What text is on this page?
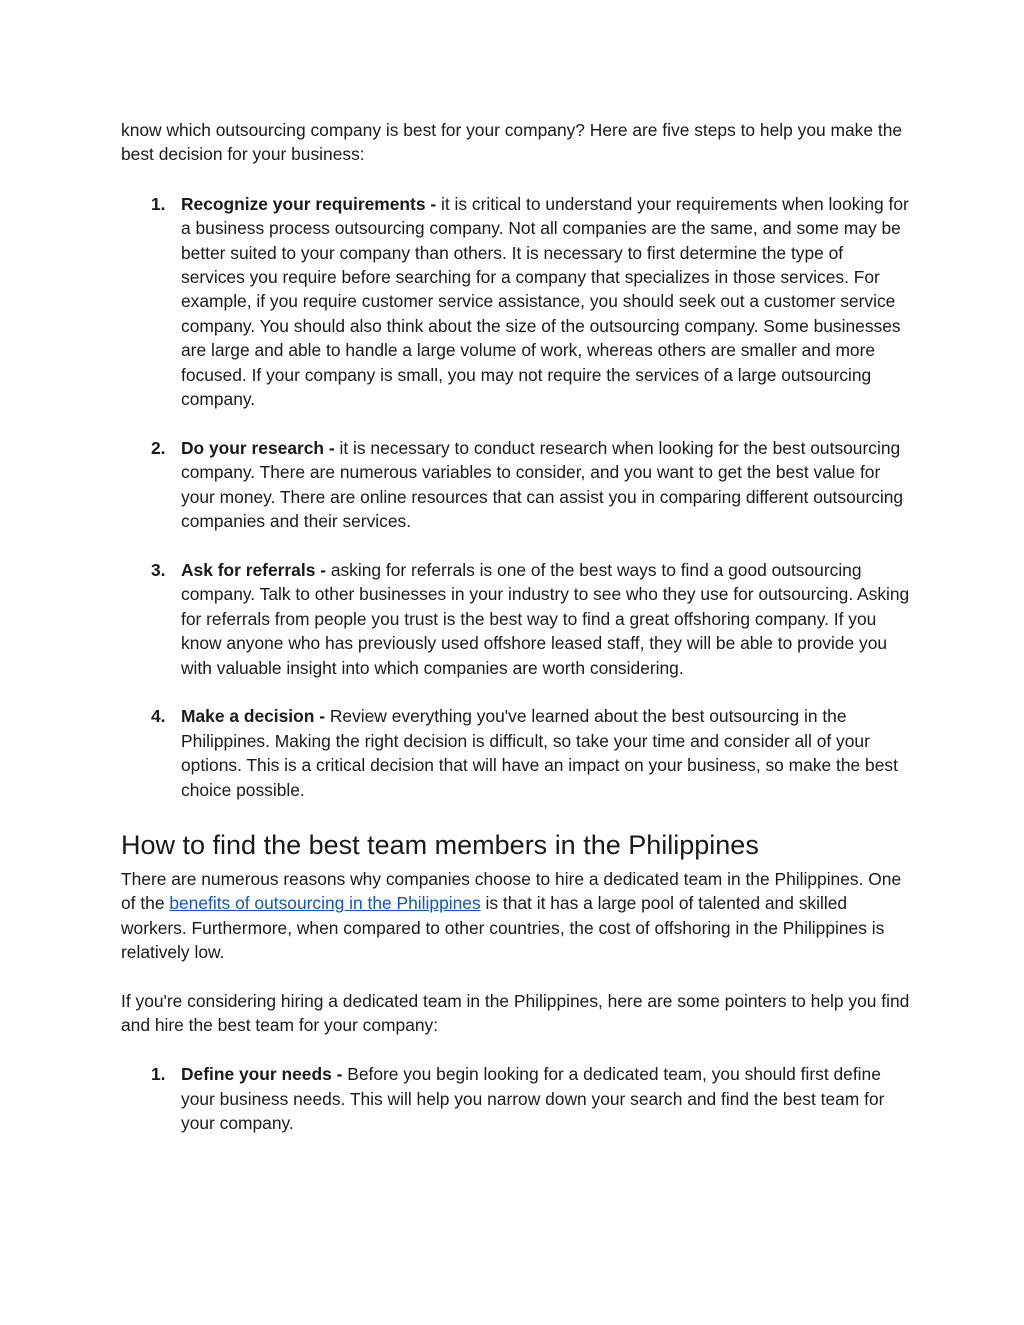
know which outsourcing company is best for your company? Here are five steps to help you make the best decision for your business:

1. Recognize your requirements - it is critical to understand your requirements when looking for a business process outsourcing company. Not all companies are the same, and some may be better suited to your company than others. It is necessary to first determine the type of services you require before searching for a company that specializes in those services. For example, if you require customer service assistance, you should seek out a customer service company. You should also think about the size of the outsourcing company. Some businesses are large and able to handle a large volume of work, whereas others are smaller and more focused. If your company is small, you may not require the services of a large outsourcing company.
2. Do your research - it is necessary to conduct research when looking for the best outsourcing company. There are numerous variables to consider, and you want to get the best value for your money. There are online resources that can assist you in comparing different outsourcing companies and their services.
3. Ask for referrals - asking for referrals is one of the best ways to find a good outsourcing company. Talk to other businesses in your industry to see who they use for outsourcing. Asking for referrals from people you trust is the best way to find a great offshoring company. If you know anyone who has previously used offshore leased staff, they will be able to provide you with valuable insight into which companies are worth considering.
4. Make a decision - Review everything you've learned about the best outsourcing in the Philippines. Making the right decision is difficult, so take your time and consider all of your options. This is a critical decision that will have an impact on your business, so make the best choice possible.
How to find the best team members in the Philippines

There are numerous reasons why companies choose to hire a dedicated team in the Philippines. One of the benefits of outsourcing in the Philippines is that it has a large pool of talented and skilled workers. Furthermore, when compared to other countries, the cost of offshoring in the Philippines is relatively low.

If you're considering hiring a dedicated team in the Philippines, here are some pointers to help you find and hire the best team for your company:

1. Define your needs - Before you begin looking for a dedicated team, you should first define your business needs. This will help you narrow down your search and find the best team for your company.
